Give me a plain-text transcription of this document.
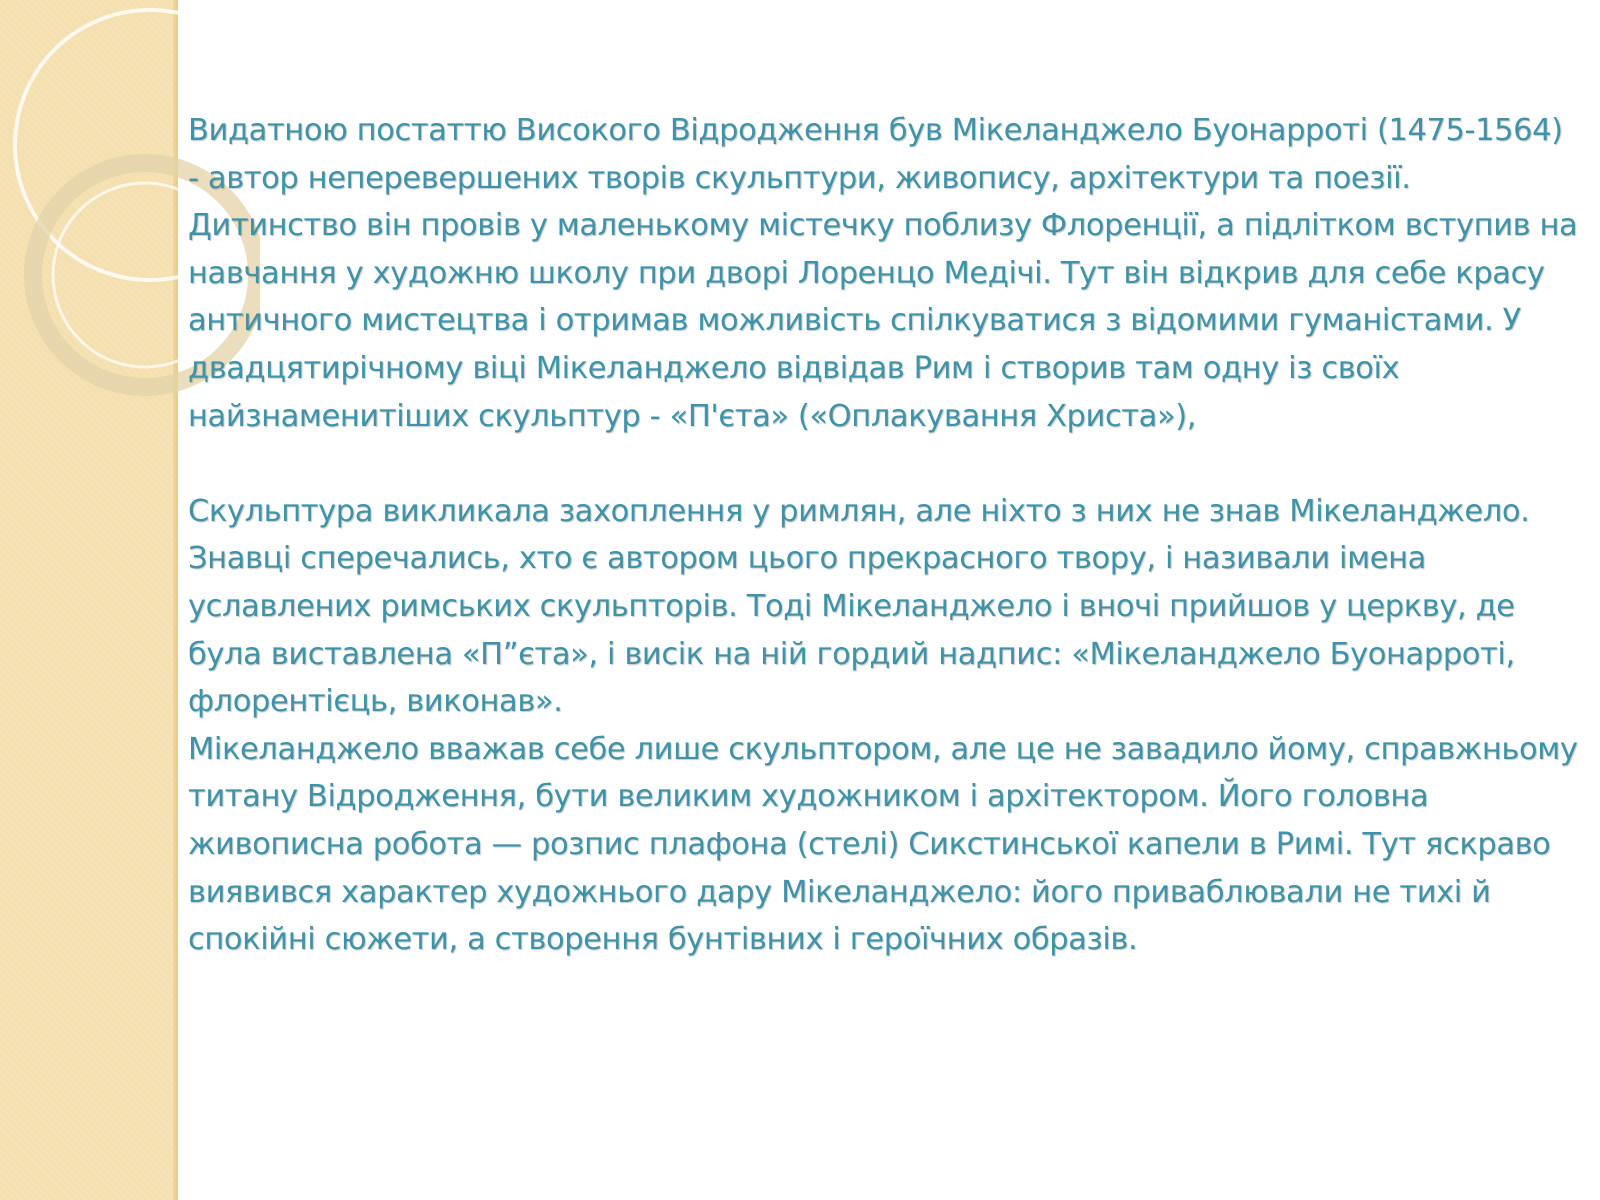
Видатною постаттю Високого Відродження був Мікеланджело Буонарроті (1475-1564) - автор неперевершених творів скульптури, живопису, архітектури та поезії. Дитинство він провів у маленькому містечку поблизу Флоренції, а підлітком вступив на навчання у художню школу при дворі Лоренцо Медічі. Тут він відкрив для себе красу античного мистецтва і отримав можливість спілкуватися з відомими гуманістами. У двадцятирічному віці Мікеланджело відвідав Рим і створив там одну із своїх найзнаменитіших скульптур - «П'єта» («Оплакування Христа»),

Скульптура викликала захоплення у римлян, але ніхто з них не знав Мікеланджело. Знавці сперечались, хто є автором цього прекрасного твору, і називали імена уславлених римських скульпторів. Тоді Мікеланджело і вночі прийшов у церкву, де була виставлена «П”єта», і висік на ній гордий надпис: «Мікеланджело Буонарроті, флорентієць, виконав».

Мікеланджело вважав себе лише скульптором, але це не завадило йому, справжньому титану Відродження, бути великим художником і архітектором. Його головна живописна робота — розпис плафона (стелі) Сикстинської капели в Римі. Тут яскраво виявився характер художнього дару Мікеланджело: його приваблювали не тихі й спокійні сюжети, а створення бунтівних і героїчних образів.
